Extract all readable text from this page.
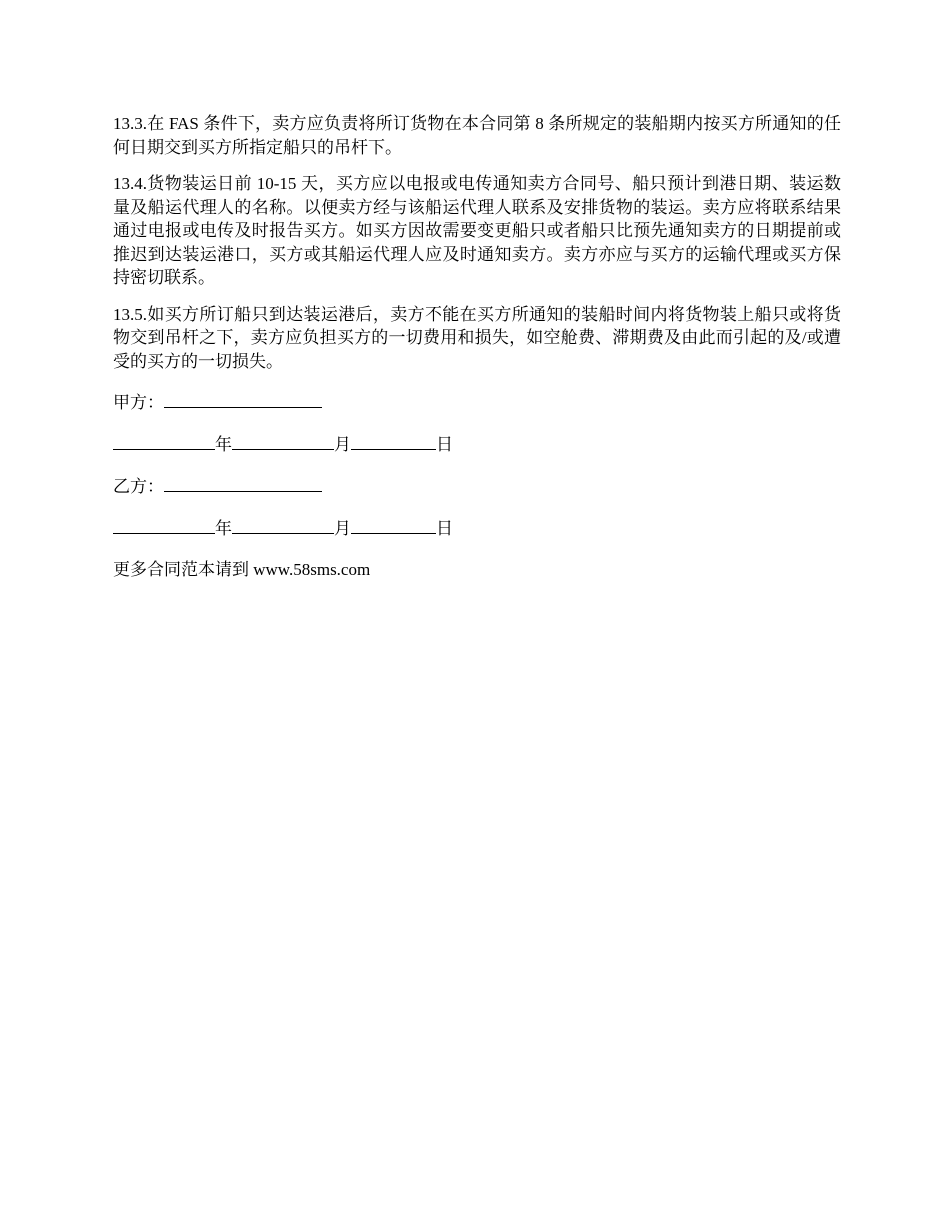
13.3.在 FAS 条件下，卖方应负责将所订货物在本合同第 8 条所规定的装船期内按买方所通知的任何日期交到买方所指定船只的吊杆下。

13.4.货物装运日前 10-15 天，买方应以电报或电传通知卖方合同号、船只预计到港日期、装运数量及船运代理人的名称。以便卖方经与该船运代理人联系及安排货物的装运。卖方应将联系结果通过电报或电传及时报告买方。如买方因故需要变更船只或者船只比预先通知卖方的日期提前或推迟到达装运港口，买方或其船运代理人应及时通知卖方。卖方亦应与买方的运输代理或买方保持密切联系。

13.5.如买方所订船只到达装运港后，卖方不能在买方所通知的装船时间内将货物装上船只或将货物交到吊杆之下，卖方应负担买方的一切费用和损失，如空舱费、滞期费及由此而引起的及/或遭受的买方的一切损失。

甲方：
年	月	日
乙方：
年	月	日
更多合同范本请到 www.58sms.com
